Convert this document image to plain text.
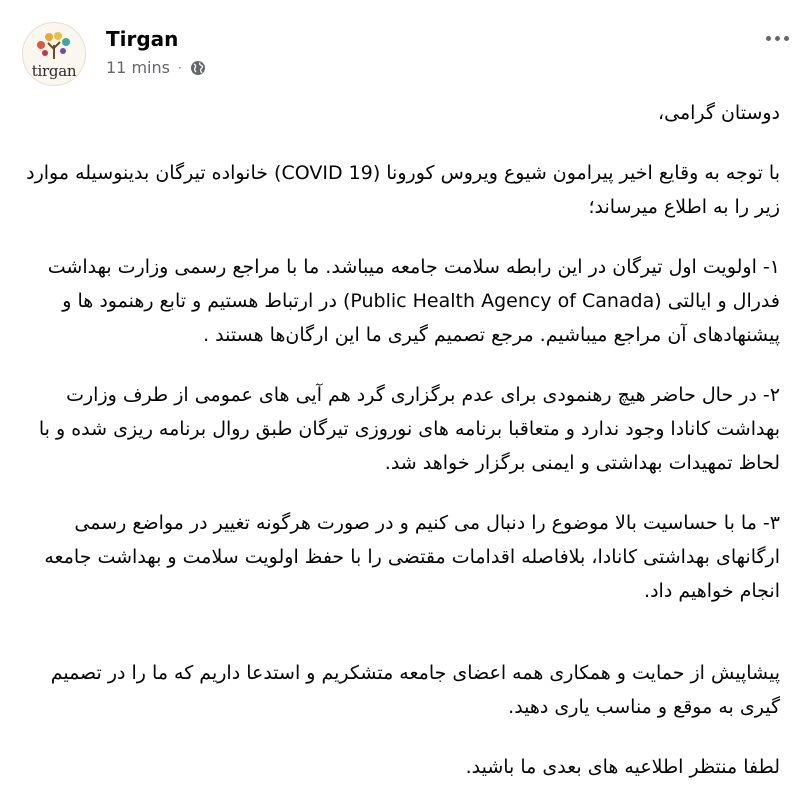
tirgan
Tirgan
11 mins ·

دوستان گرامی،

با توجه به وقایع اخیر پیرامون شیوع ویروس کورونا (COVID 19) خانواده تیرگان بدینوسیله موارد زیر را به اطلاع میرساند؛

۱- اولویت اول تیرگان در این رابطه سلامت جامعه میباشد. ما با مراجع رسمی وزارت بهداشت فدرال و ایالتی (Public Health Agency of Canada) در ارتباط هستیم و تابع رهنمود ها و پیشنهادهای آن مراجع میباشیم. مرجع تصمیم گیری ما این ارگان‌ها هستند .

۲- در حال حاضر هیچ رهنمودی برای عدم برگزاری گرد هم آیی های عمومی از طرف وزارت بهداشت کانادا وجود ندارد و متعاقبا برنامه های نوروزی تیرگان طبق روال برنامه ریزی شده و با لحاظ تمهیدات بهداشتی و ایمنی برگزار خواهد شد.

۳- ما با حساسیت بالا موضوع را دنبال می کنیم و در صورت هرگونه تغییر در مواضع رسمی ارگانهای بهداشتی کانادا، بلافاصله اقدامات مقتضی را با حفظ اولویت سلامت و بهداشت جامعه انجام خواهیم داد.

پیشاپیش از حمایت و همکاری همه اعضای جامعه متشکریم و استدعا داریم که ما را در تصمیم گیری به موقع و مناسب یاری دهید.

لطفا منتظر اطلاعیه های بعدی ما باشید.
